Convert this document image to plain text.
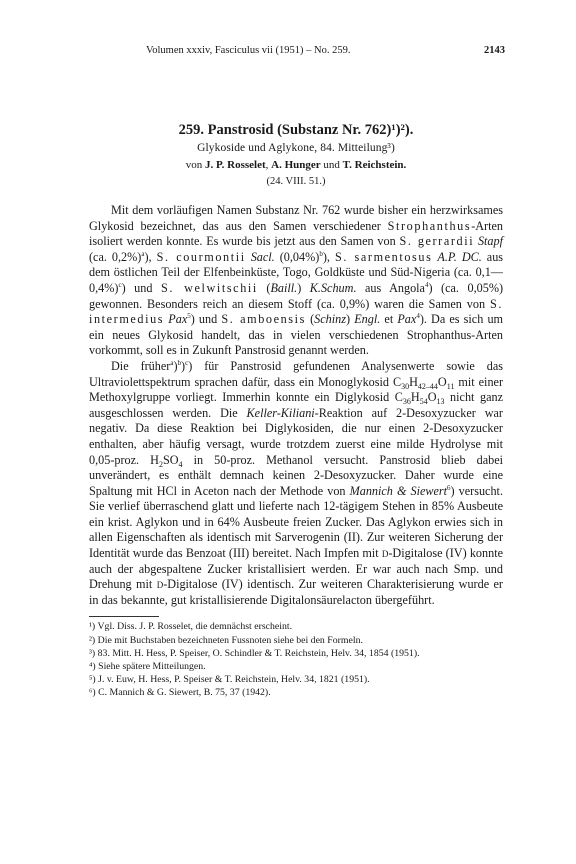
Volumen xxxiv, Fasciculus vii (1951) – No. 259.	2143
259. Panstrosid (Substanz Nr. 762)¹)²).

Glykoside und Aglykone, 84. Mitteilung³)

von J. P. Rosselet, A. Hunger und T. Reichstein.

(24. VIII. 51.)

Mit dem vorläufigen Namen Substanz Nr. 762 wurde bisher ein herzwirksames Glykosid bezeichnet, das aus den Samen verschiedener Strophanthus-Arten isoliert werden konnte. Es wurde bis jetzt aus den Samen von S. gerrardii Stapf (ca. 0,2%)$^a$), S. courmontii Sacl. $(0,04\%)^b$), S. sarmentosus A.P. DC. aus dem östlichen Teil der Elfenbeinküste, Togo, Goldküste und Süd-Nigeria (ca. 0,1—0,4%)$^c$) und S. welwitschii (Baill.) K.Schum. aus Angola$^4$) (ca. 0,05%) gewonnen. Besonders reich an diesem Stoff (ca. 0,9%) waren die Samen von S. intermedius Pax$^5$) und S. amboensis (Schinz) Engl. et Pax$^4$). Da es sich um ein neues Glykosid handelt, das in vielen verschiedenen Strophanthus-Arten vorkommt, soll es in Zukunft Panstrosid genannt werden.

Die früher$^a$)$^b$)$^c$) für Panstrosid gefundenen Analysenwerte sowie das Ultraviolettspektrum sprachen dafür, dass ein Monoglykosid $C_{30}H_{42-44}O_{11}$ mit einer Methoxylgruppe vorliegt. Immerhin konnte ein Diglykosid $C_{36}H_{54}O_{13}$ nicht ganz ausgeschlossen werden. Die Keller-Kiliani-Reaktion auf 2-Desoxyzucker war negativ. Da diese Reaktion bei Diglykosiden, die nur einen 2-Desoxyzucker enthalten, aber häufig versagt, wurde trotzdem zuerst eine milde Hydrolyse mit 0,05-proz. $H_2SO_4$ in 50-proz. Methanol versucht. Panstrosid blieb dabei unverändert, es enthält demnach keinen 2-Desoxyzucker. Daher wurde eine Spaltung mit HCl in Aceton nach der Methode von Mannich & Siewert$^6$) versucht. Sie verlief überraschend glatt und lieferte nach 12-tägigem Stehen in 85% Ausbeute ein krist. Aglykon und in 64% Ausbeute freien Zucker. Das Aglykon erwies sich in allen Eigenschaften als identisch mit Sarverogenin (II). Zur weiteren Sicherung der Identität wurde das Benzoat (III) bereitet. Nach Impfen mit d-Digitalose (IV) konnte auch der abgespaltene Zucker kristallisiert werden. Er war auch nach Smp. und Drehung mit d-Digitalose (IV) identisch. Zur weiteren Charakterisierung wurde er in das bekannte, gut kristallisierende Digitalonsäurelacton übergeführt.

¹) Vgl. Diss. J. P. Rosselet, die demnächst erscheint.
²) Die mit Buchstaben bezeichneten Fussnoten siehe bei den Formeln.
³) 83. Mitt. H. Hess, P. Speiser, O. Schindler & T. Reichstein, Helv. 34, 1854 (1951).
⁴) Siehe spätere Mitteilungen.
⁵) J. v. Euw, H. Hess, P. Speiser & T. Reichstein, Helv. 34, 1821 (1951).
⁶) C. Mannich & G. Siewert, B. 75, 37 (1942).
